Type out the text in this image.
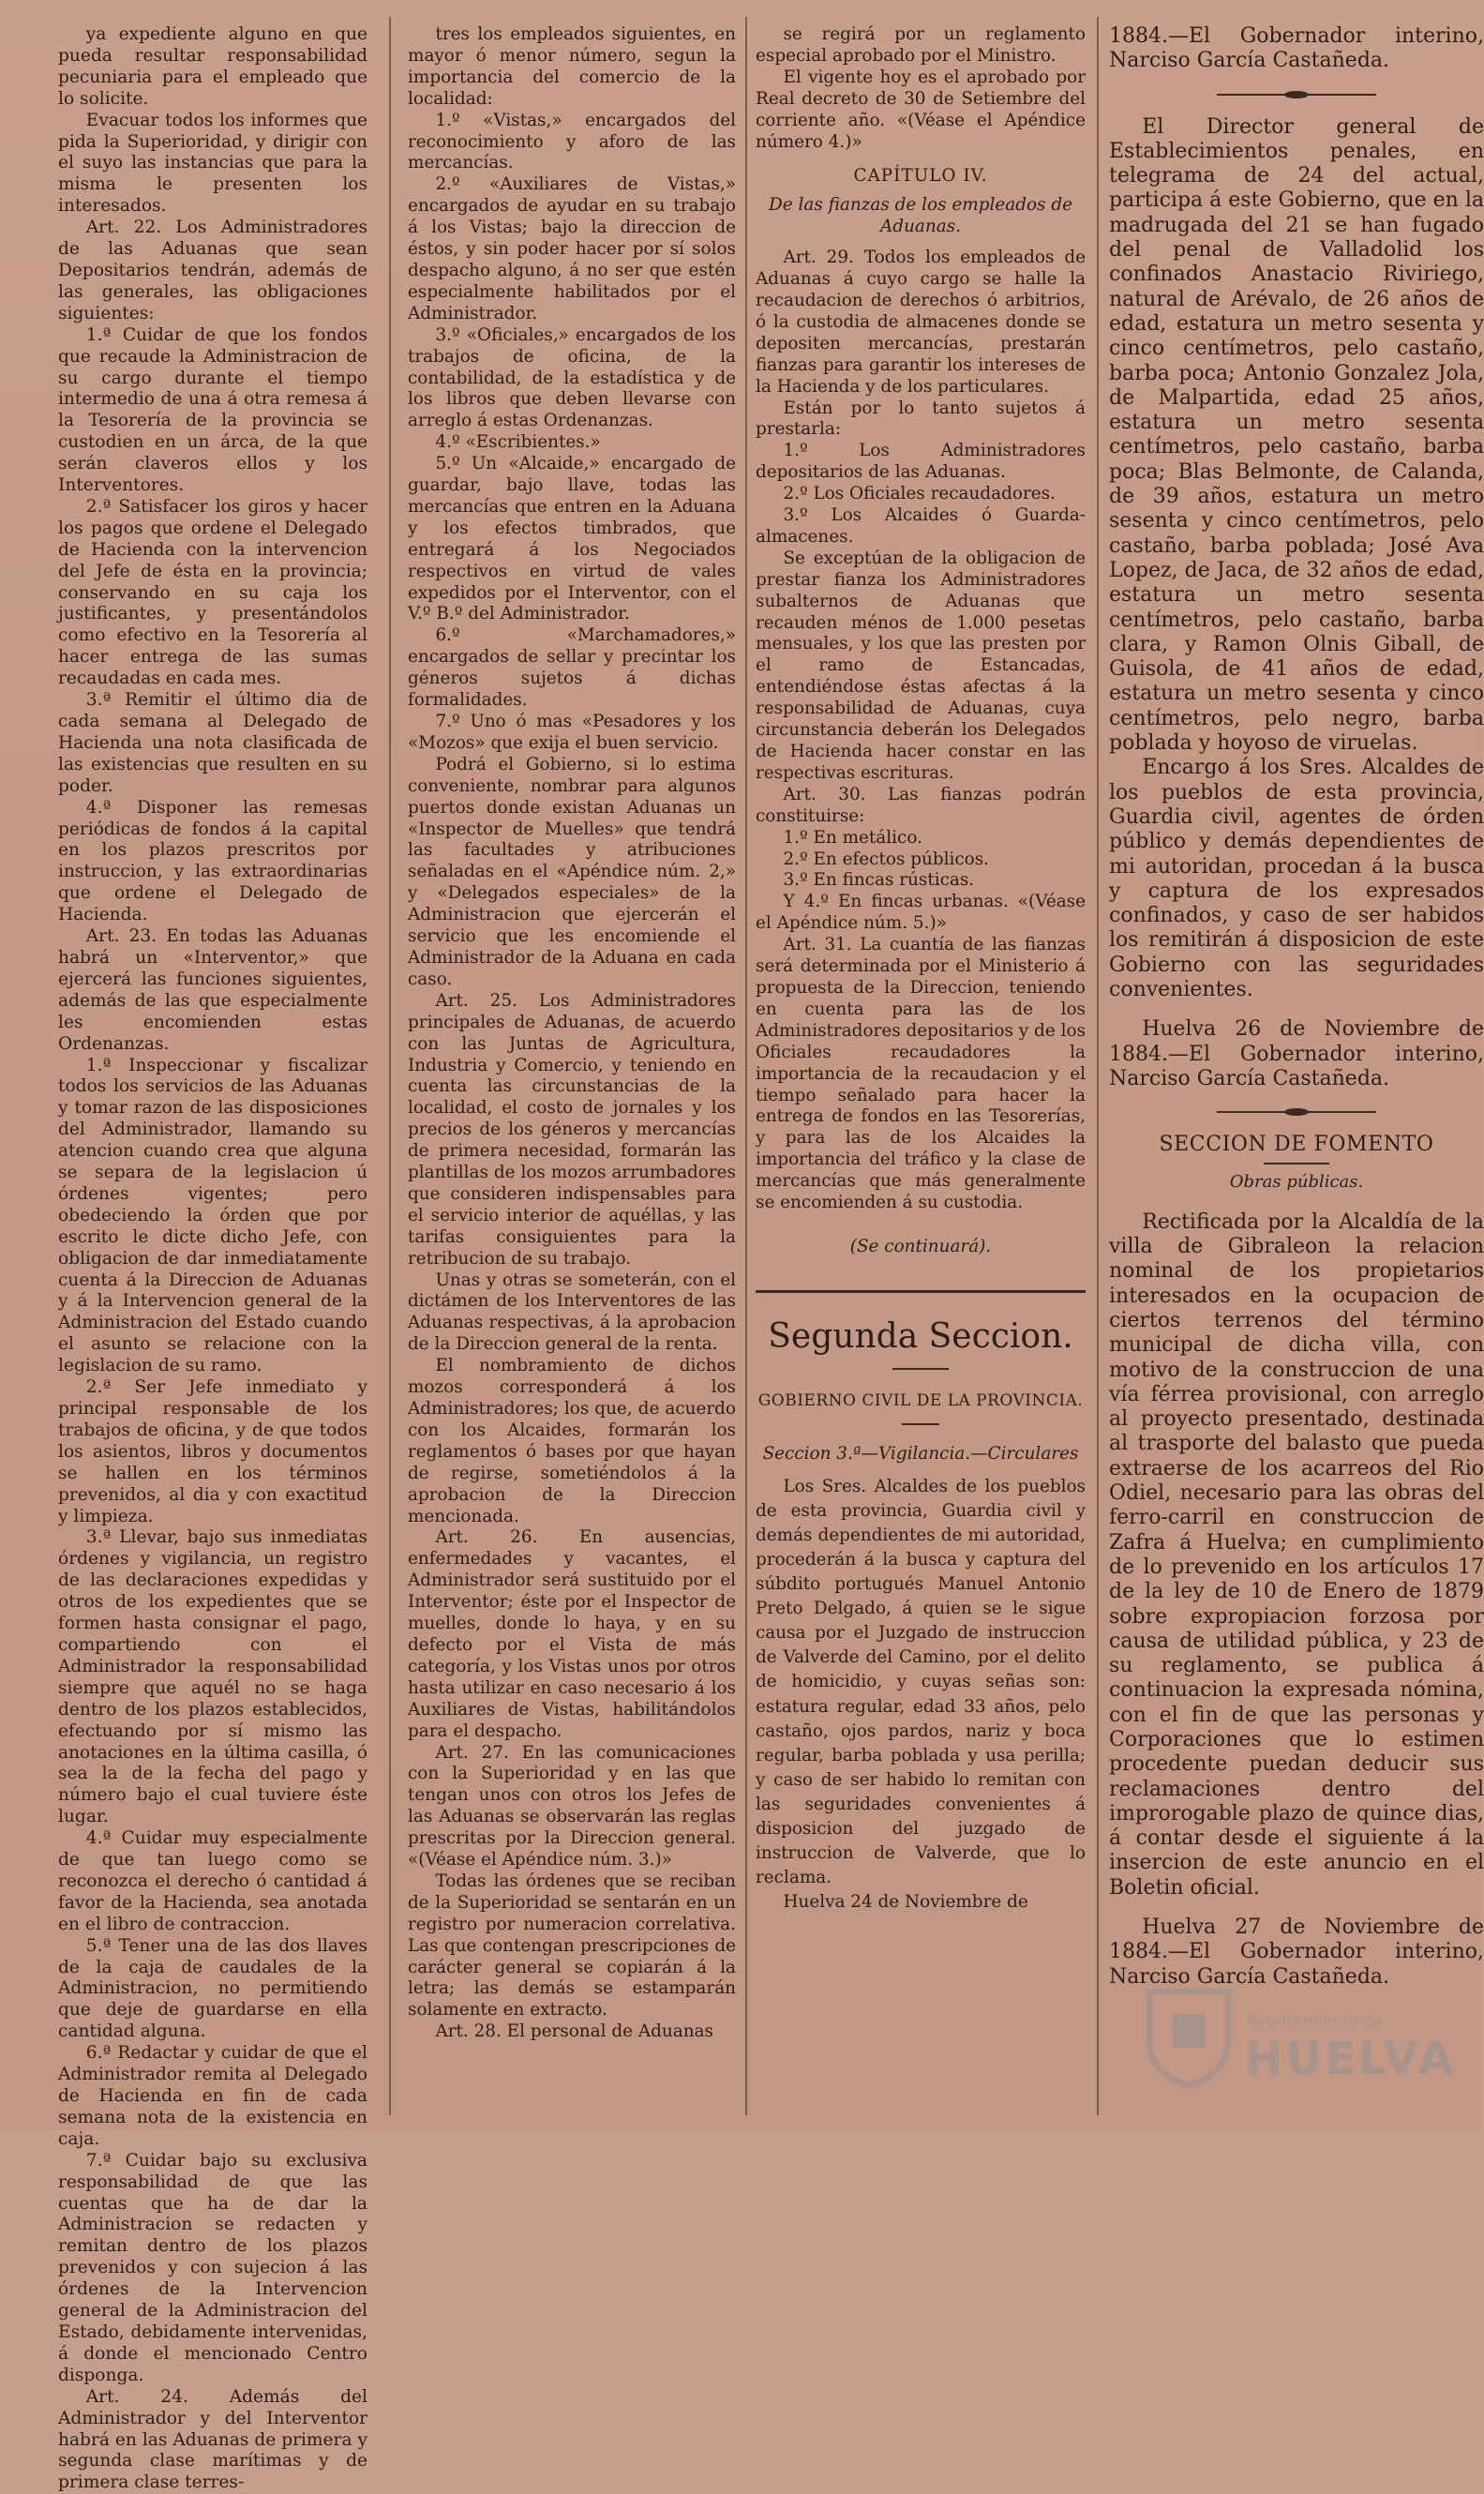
ya expediente alguno en que pueda resultar responsabilidad pecuniaria para el empleado que lo solicite.

Evacuar todos los informes que pida la Superioridad, y dirigir con el suyo las instancias que para la misma le presenten los interesados.

Art. 22. Los Administradores de las Aduanas que sean Depositarios tendrán, además de las generales, las obligaciones siguientes:

1.ª Cuidar de que los fondos que recaude la Administracion de su cargo durante el tiempo intermedio de una á otra remesa á la Tesorería de la provincia se custodien en un árca, de la que serán claveros ellos y los Interventores.

2.ª Satisfacer los giros y hacer los pagos que ordene el Delegado de Hacienda con la intervencion del Jefe de ésta en la provincia; conservando en su caja los justificantes, y presentándolos como efectivo en la Tesorería al hacer entrega de las sumas recaudadas en cada mes.

3.ª Remitir el último dia de cada semana al Delegado de Hacienda una nota clasificada de las existencias que resulten en su poder.

4.ª Disponer las remesas periódicas de fondos á la capital en los plazos prescritos por instruccion, y las extraordinarias que ordene el Delegado de Hacienda.

Art. 23. En todas las Aduanas habrá un «Interventor,» que ejercerá las funciones siguientes, además de las que especialmente les encomienden estas Ordenanzas.

1.ª Inspeccionar y fiscalizar todos los servicios de las Aduanas y tomar razon de las disposiciones del Administrador, llamando su atencion cuando crea que alguna se separa de la legislacion ú órdenes vigentes; pero obedeciendo la órden que por escrito le dicte dicho Jefe, con obligacion de dar inmediatamente cuenta á la Direccion de Aduanas y á la Intervencion general de la Administracion del Estado cuando el asunto se relacione con la legislacion de su ramo.

2.ª Ser Jefe inmediato y principal responsable de los trabajos de oficina, y de que todos los asientos, libros y documentos se hallen en los términos prevenidos, al dia y con exactitud y limpieza.

3.ª Llevar, bajo sus inmediatas órdenes y vigilancia, un registro de las declaraciones expedidas y otros de los expedientes que se formen hasta consignar el pago, compartiendo con el Administrador la responsabilidad siempre que aquél no se haga dentro de los plazos establecidos, efectuando por sí mismo las anotaciones en la última casilla, ó sea la de la fecha del pago y número bajo el cual tuviere éste lugar.

4.ª Cuidar muy especialmente de que tan luego como se reconozca el derecho ó cantidad á favor de la Hacienda, sea anotada en el libro de contraccion.

5.ª Tener una de las dos llaves de la caja de caudales de la Administracion, no permitiendo que deje de guardarse en ella cantidad alguna.

6.ª Redactar y cuidar de que el Administrador remita al Delegado de Hacienda en fin de cada semana nota de la existencia en caja.

7.ª Cuidar bajo su exclusiva responsabilidad de que las cuentas que ha de dar la Administracion se redacten y remitan dentro de los plazos prevenidos y con sujecion á las órdenes de la Intervencion general de la Administracion del Estado, debidamente intervenidas, á donde el mencionado Centro disponga.

Art. 24. Además del Administrador y del Interventor habrá en las Aduanas de primera y segunda clase marítimas y de primera clase terres-

tres los empleados siguientes, en mayor ó menor número, segun la importancia del comercio de la localidad:

1.º «Vistas,» encargados del reconocimiento y aforo de las mercancías.

2.º «Auxiliares de Vistas,» encargados de ayudar en su trabajo á los Vistas; bajo la direccion de éstos, y sin poder hacer por sí solos despacho alguno, á no ser que estén especialmente habilitados por el Administrador.

3.º «Oficiales,» encargados de los trabajos de oficina, de la contabilidad, de la estadística y de los libros que deben llevarse con arreglo á estas Ordenanzas.

4.º «Escribientes.»

5.º Un «Alcaide,» encargado de guardar, bajo llave, todas las mercancías que entren en la Aduana y los efectos timbrados, que entregará á los Negociados respectivos en virtud de vales expedidos por el Interventor, con el V.º B.º del Administrador.

6.º «Marchamadores,» encargados de sellar y precintar los géneros sujetos á dichas formalidades.

7.º Uno ó mas «Pesadores y los «Mozos» que exija el buen servicio.

Podrá el Gobierno, si lo estima conveniente, nombrar para algunos puertos donde existan Aduanas un «Inspector de Muelles» que tendrá las facultades y atribuciones señaladas en el «Apéndice núm. 2,» y «Delegados especiales» de la Administracion que ejercerán el servicio que les encomiende el Administrador de la Aduana en cada caso.

Art. 25. Los Administradores principales de Aduanas, de acuerdo con las Juntas de Agricultura, Industria y Comercio, y teniendo en cuenta las circunstancias de la localidad, el costo de jornales y los precios de los géneros y mercancías de primera necesidad, formarán las plantillas de los mozos arrumbadores que consideren indispensables para el servicio interior de aquéllas, y las tarifas consiguientes para la retribucion de su trabajo.

Unas y otras se someterán, con el dictámen de los Interventores de las Aduanas respectivas, á la aprobacion de la Direccion general de la renta.

El nombramiento de dichos mozos corresponderá á los Administradores; los que, de acuerdo con los Alcaides, formarán los reglamentos ó bases por que hayan de regirse, sometiéndolos á la aprobacion de la Direccion mencionada.

Art. 26. En ausencias, enfermedades y vacantes, el Administrador será sustituido por el Interventor; éste por el Inspector de muelles, donde lo haya, y en su defecto por el Vista de más categoría, y los Vistas unos por otros hasta utilizar en caso necesario á los Auxiliares de Vistas, habilitándolos para el despacho.

Art. 27. En las comunicaciones con la Superioridad y en las que tengan unos con otros los Jefes de las Aduanas se observarán las reglas prescritas por la Direccion general. «(Véase el Apéndice núm. 3.)»

Todas las órdenes que se reciban de la Superioridad se sentarán en un registro por numeracion correlativa. Las que contengan prescripciones de carácter general se copiarán á la letra; las demás se estamparán solamente en extracto.

Art. 28. El personal de Aduanas

se regirá por un reglamento especial aprobado por el Ministro.

El vigente hoy es el aprobado por Real decreto de 30 de Setiembre del corriente año. «(Véase el Apéndice número 4.)»

CAPÍTULO IV.

De las fianzas de los empleados de Aduanas.

Art. 29. Todos los empleados de Aduanas á cuyo cargo se halle la recaudacion de derechos ó arbitrios, ó la custodia de almacenes donde se depositen mercancías, prestarán fianzas para garantir los intereses de la Hacienda y de los particulares.

Están por lo tanto sujetos á prestarla:

1.º Los Administradores depositarios de las Aduanas.

2.º Los Oficiales recaudadores.

3.º Los Alcaides ó Guarda-almacenes.

Se exceptúan de la obligacion de prestar fianza los Administradores subalternos de Aduanas que recauden ménos de 1.000 pesetas mensuales, y los que las presten por el ramo de Estancadas, entendiéndose éstas afectas á la responsabilidad de Aduanas, cuya circunstancia deberán los Delegados de Hacienda hacer constar en las respectivas escrituras.

Art. 30. Las fianzas podrán constituirse:

1.º En metálico.

2.º En efectos públicos.

3.º En fincas rústicas.

Y 4.º En fincas urbanas. «(Véase el Apéndice núm. 5.)»

Art. 31. La cuantía de las fianzas será determinada por el Ministerio á propuesta de la Direccion, teniendo en cuenta para las de los Administradores depositarios y de los Oficiales recaudadores la importancia de la recaudacion y el tiempo señalado para hacer la entrega de fondos en las Tesorerías, y para las de los Alcaides la importancia del tráfico y la clase de mercancías que más generalmente se encomienden á su custodia.

(Se continuará).

Segunda Seccion.
GOBIERNO CIVIL DE LA PROVINCIA.

Seccion 3.ª—Vigilancia.—Circulares

Los Sres. Alcaldes de los pueblos de esta provincia, Guardia civil y demás dependientes de mi autoridad, procederán á la busca y captura del súbdito portugués Manuel Antonio Preto Delgado, á quien se le sigue causa por el Juzgado de instruccion de Valverde del Camino, por el delito de homicidio, y cuyas señas son: estatura regular, edad 33 años, pelo castaño, ojos pardos, nariz y boca regular, barba poblada y usa perilla; y caso de ser habido lo remitan con las seguridades convenientes á disposicion del juzgado de instruccion de Valverde, que lo reclama.

Huelva 24 de Noviembre de

1884.—El Gobernador interino, Narciso García Castañeda.

El Director general de Establecimientos penales, en telegrama de 24 del actual, participa á este Gobierno, que en la madrugada del 21 se han fugado del penal de Valladolid los confinados Anastacio Riviriego, natural de Arévalo, de 26 años de edad, estatura un metro sesenta y cinco centímetros, pelo castaño, barba poca; Antonio Gonzalez Jola, de Malpartida, edad 25 años, estatura un metro sesenta centímetros, pelo castaño, barba poca; Blas Belmonte, de Calanda, de 39 años, estatura un metro sesenta y cinco centímetros, pelo castaño, barba poblada; José Ava Lopez, de Jaca, de 32 años de edad, estatura un metro sesenta centímetros, pelo castaño, barba clara, y Ramon Olnis Giball, de Guisola, de 41 años de edad, estatura un metro sesenta y cinco centímetros, pelo negro, barba poblada y hoyoso de viruelas.

Encargo á los Sres. Alcaldes de los pueblos de esta provincia, Guardia civil, agentes de órden público y demás dependientes de mi autoridan, procedan á la busca y captura de los expresados confinados, y caso de ser habidos los remitirán á disposicion de este Gobierno con las seguridades convenientes.

Huelva 26 de Noviembre de 1884.—El Gobernador interino, Narciso García Castañeda.

SECCION DE FOMENTO

Obras públicas.

Rectificada por la Alcaldía de la villa de Gibraleon la relacion nominal de los propietarios interesados en la ocupacion de ciertos terrenos del término municipal de dicha villa, con motivo de la construccion de una vía férrea provisional, con arreglo al proyecto presentado, destinada al trasporte del balasto que pueda extraerse de los acarreos del Rio Odiel, necesario para las obras del ferro-carril en construccion de Zafra á Huelva; en cumplimiento de lo prevenido en los artículos 17 de la ley de 10 de Enero de 1879 sobre expropiacion forzosa por causa de utilidad pública, y 23 de su reglamento, se publica á continuacion la expresada nómina, con el fin de que las personas y Corporaciones que lo estimen procedente puedan deducir sus reclamaciones dentro del improrogable plazo de quince dias, á contar desde el siguiente á la insercion de este anuncio en el Boletin oficial.

Huelva 27 de Noviembre de 1884.—El Gobernador interino, Narciso García Castañeda.

Ayuntamiento de
HUELVA
